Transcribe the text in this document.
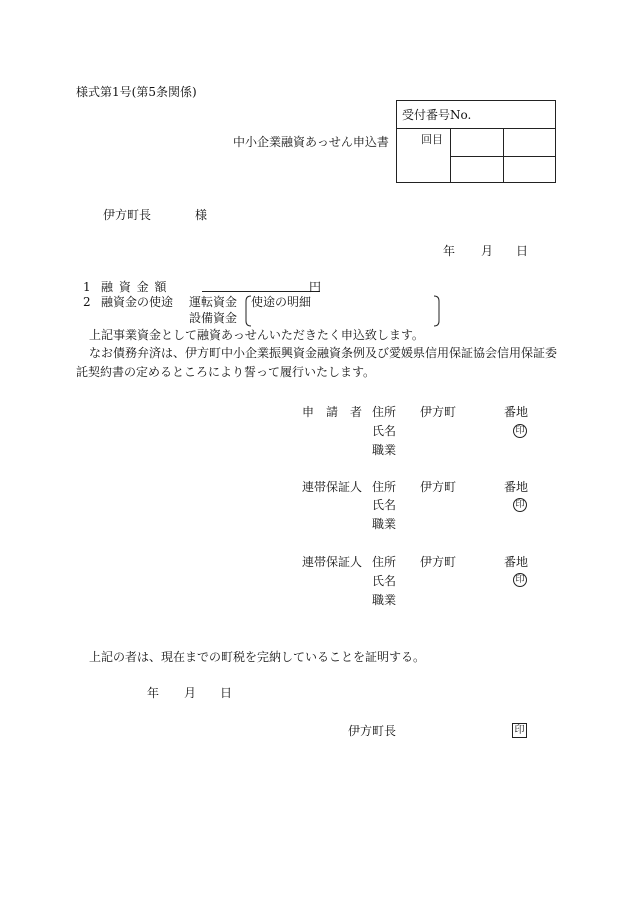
様式第1号(第5条関係)
受付番号No.
回目
中小企業融資あっせん申込書
伊方町長	様
年 月 日
1 融 資 金 額	円
2 融資金の使途 運転資金
設備資金
使途の明細
上記事業資金として融資あっせんいただきたく申込致します。
なお債務弁済は、伊方町中小企業振興資金融資条例及び愛媛県信用保証協会信用保証委
託契約書の定めるところにより誓って履行いたします。
申　請　者 住所 伊方町	番地
氏名	印
職業
連帯保証人 住所 伊方町	番地
氏名	印
職業
連帯保証人 住所 伊方町	番地
氏名	印
職業
上記の者は、現在までの町税を完納していることを証明する。
年 月 日
伊方町長	印
